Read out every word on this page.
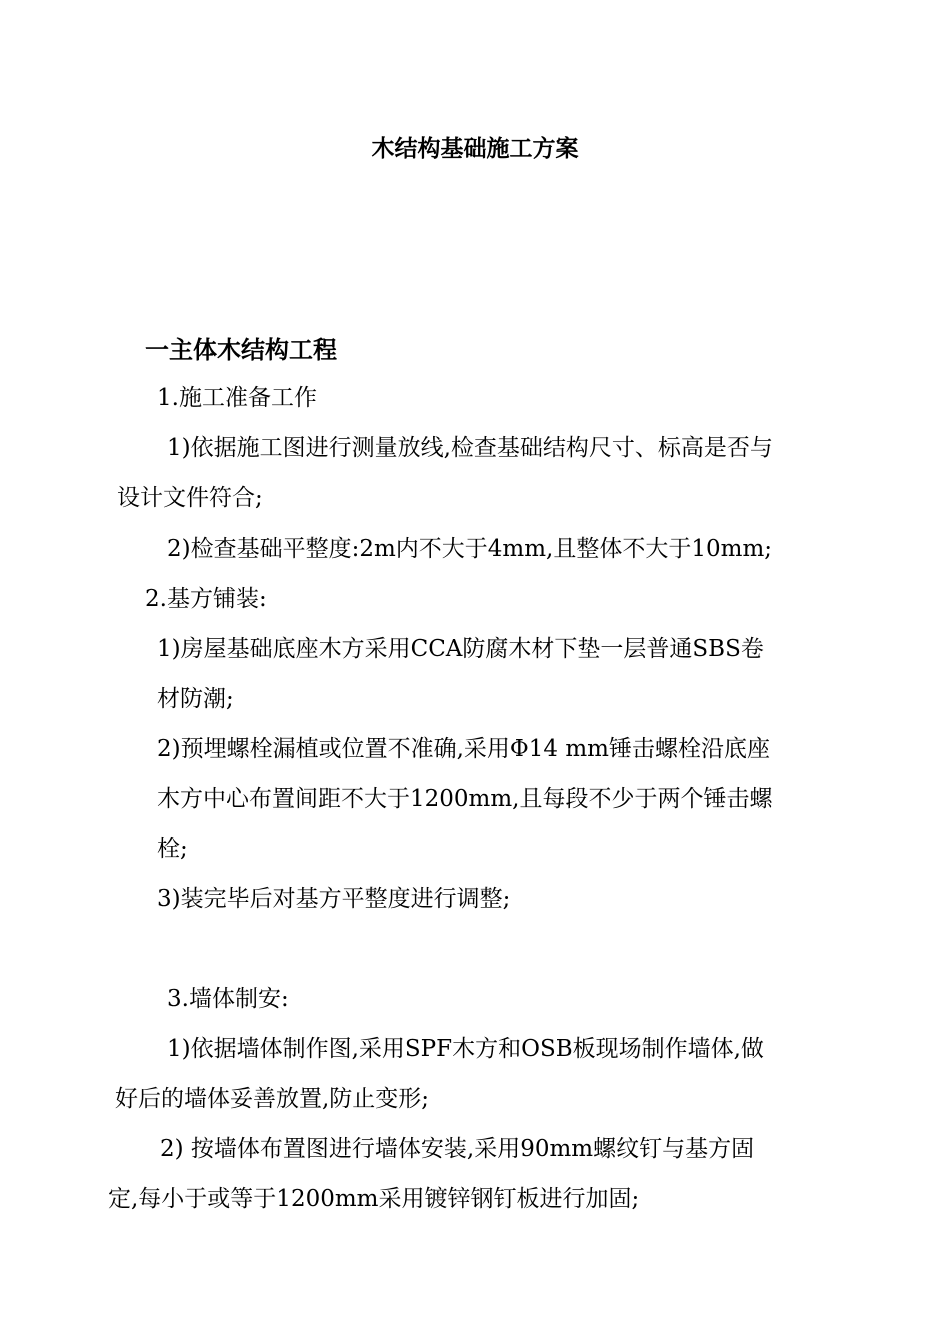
木结构基础施工方案
一主体木结构工程
1.施工准备工作
1)依据施工图进行测量放线,检查基础结构尺寸、标高是否与
设计文件符合;
2)检查基础平整度:2m内不大于4mm,且整体不大于10mm;
2.基方铺装:
1)房屋基础底座木方采用CCA防腐木材下垫一层普通SBS卷
材防潮;
2)预埋螺栓漏植或位置不准确,采用Φ14 mm锤击螺栓沿底座
木方中心布置间距不大于1200mm,且每段不少于两个锤击螺
栓;
3)装完毕后对基方平整度进行调整;
3.墙体制安:
1)依据墙体制作图,采用SPF木方和OSB板现场制作墙体,做
好后的墙体妥善放置,防止变形;
2) 按墙体布置图进行墙体安装,采用90mm螺纹钉与基方固
定,每小于或等于1200mm采用镀锌钢钉板进行加固;
